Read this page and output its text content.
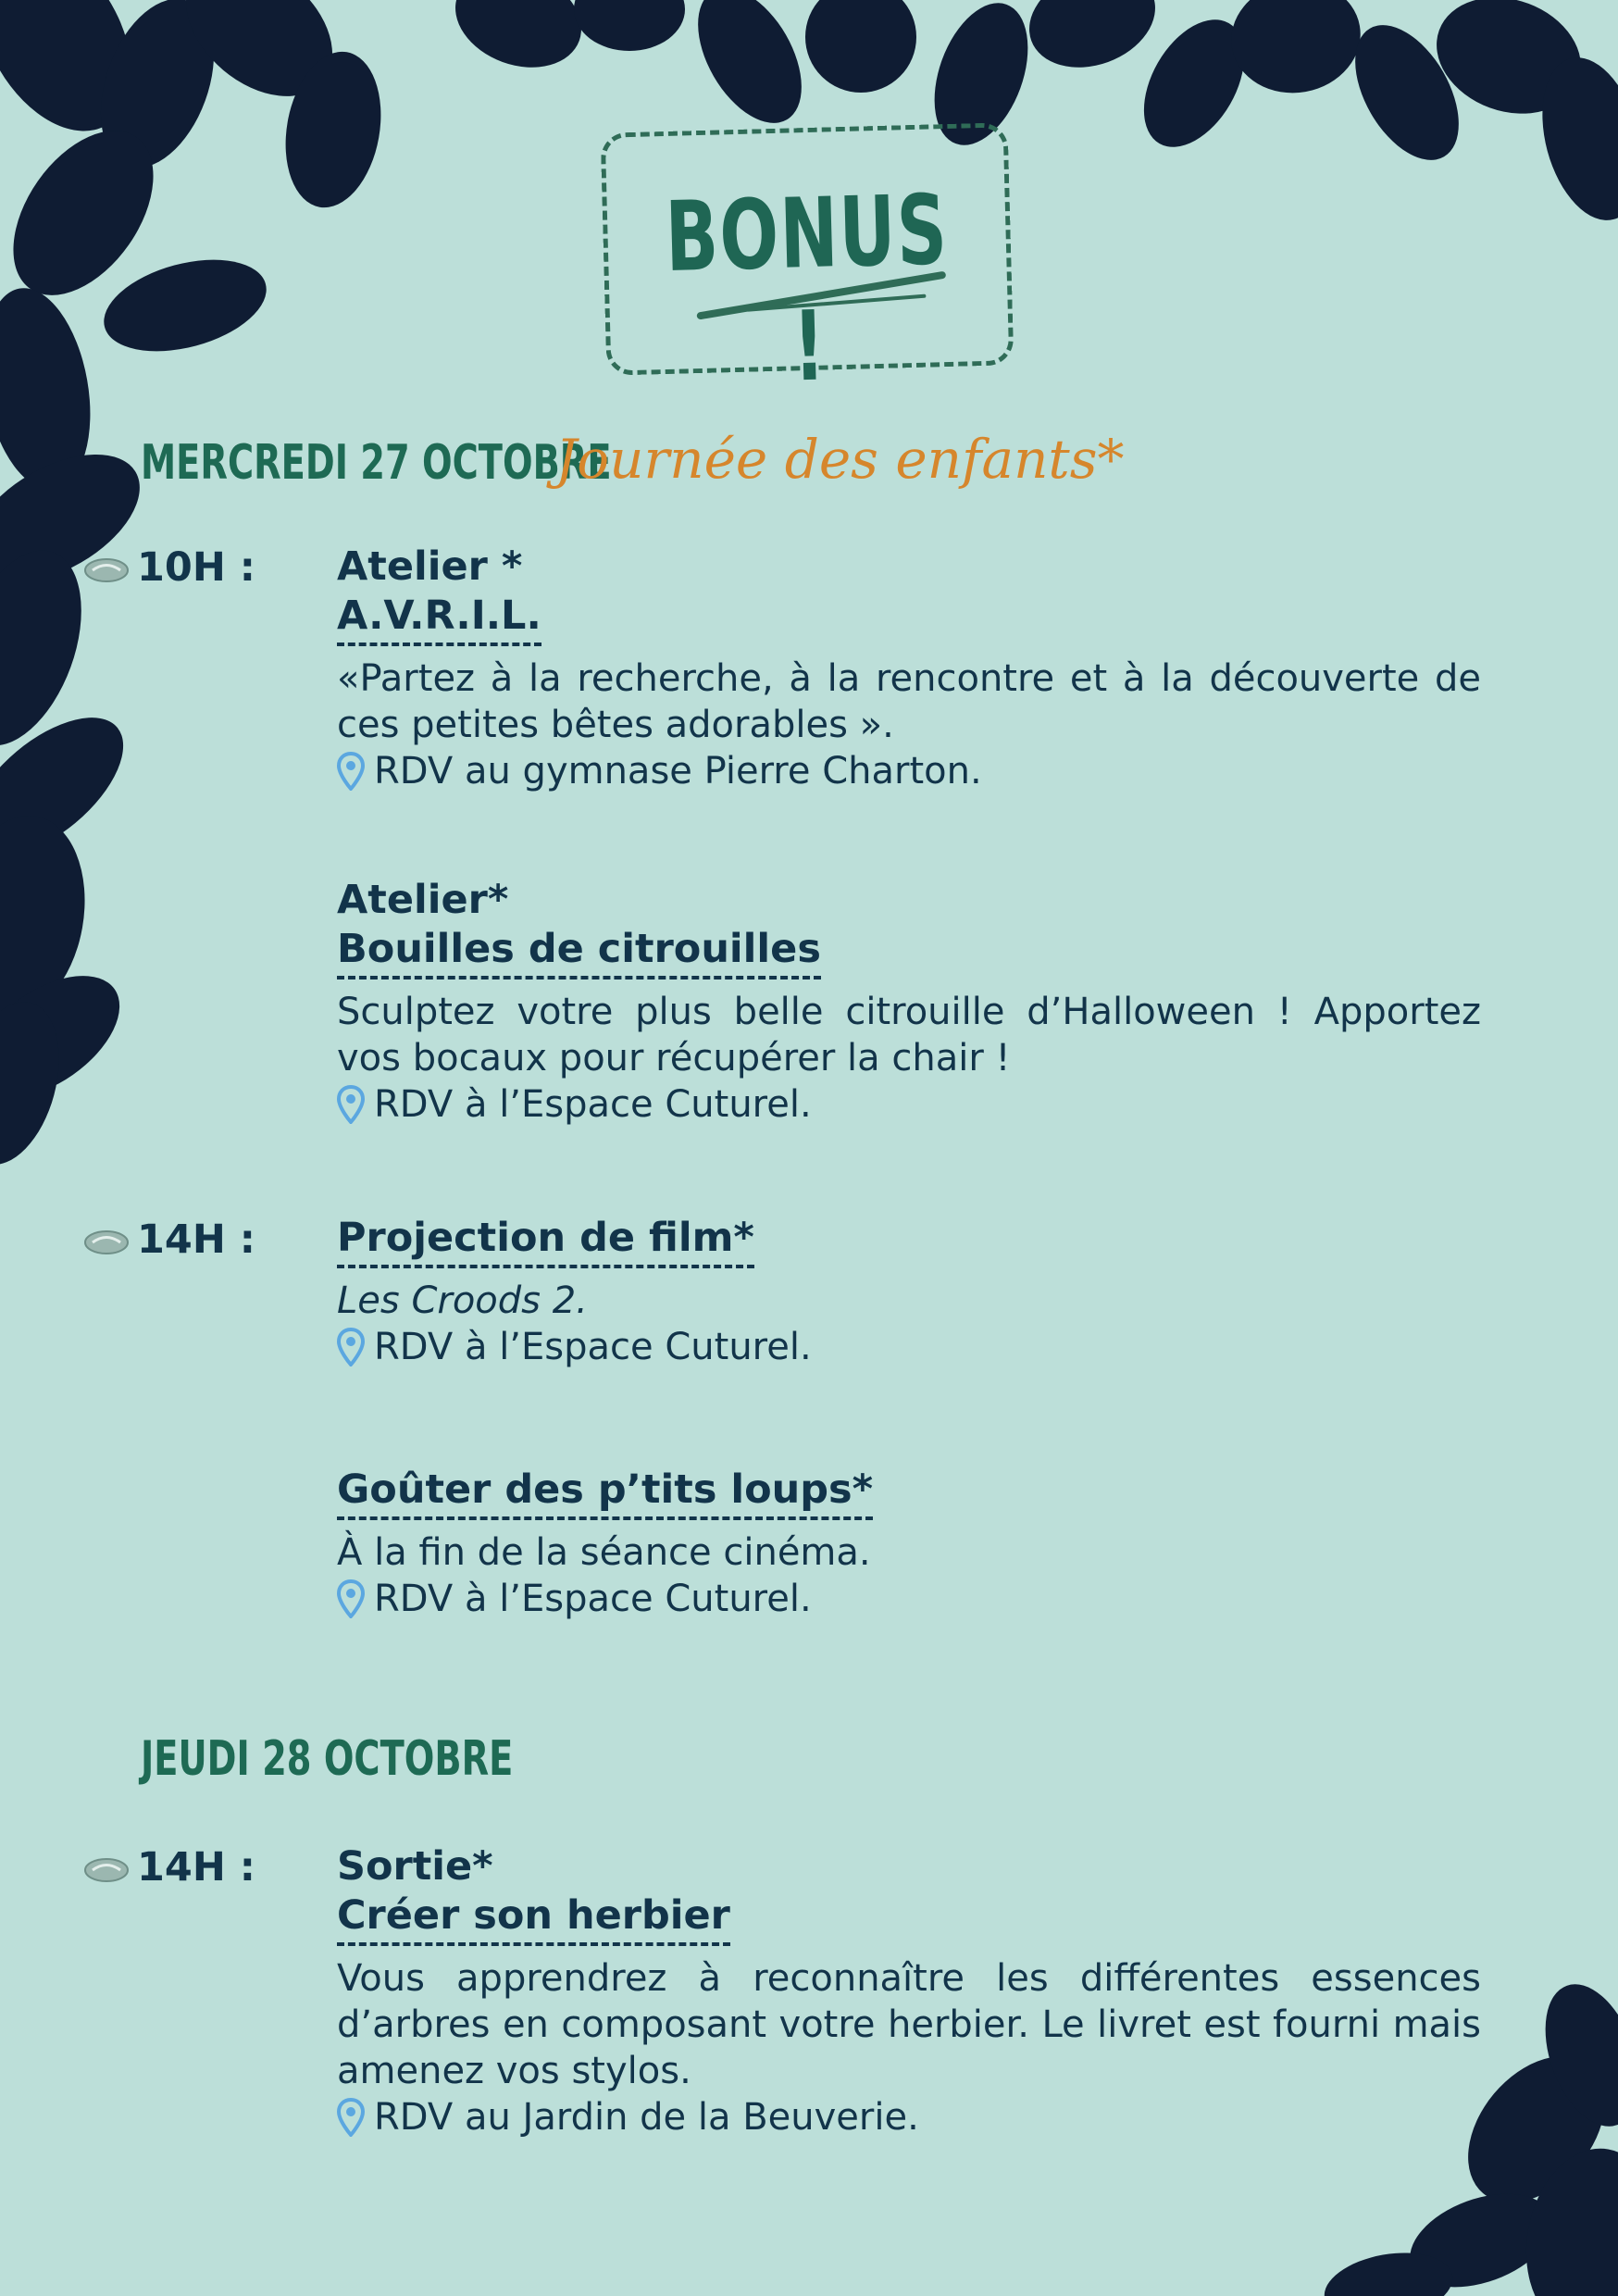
BONUS !
MERCREDI 27 OCTOBRE
Journée des enfants*
10H : Atelier *
A.V.R.I.L.
«Partez à la recherche, à la rencontre et à la découverte de ces petites bêtes adorables ».
RDV au gymnase Pierre Charton.
Atelier*
Bouilles de citrouilles
Sculptez votre plus belle citrouille d’Halloween ! Apportez vos bocaux pour récupérer la chair !
RDV à l’Espace Cuturel.
14H : Projection de film*
Les Croods 2.
RDV à l’Espace Cuturel.
Goûter des p’tits loups*
À la fin de la séance cinéma.
RDV à l’Espace Cuturel.
JEUDI 28 OCTOBRE
14H : Sortie*
Créer son herbier
Vous apprendrez à reconnaître les différentes essences d’arbres en composant votre herbier. Le livret est fourni mais amenez vos stylos.
RDV au Jardin de la Beuverie.
